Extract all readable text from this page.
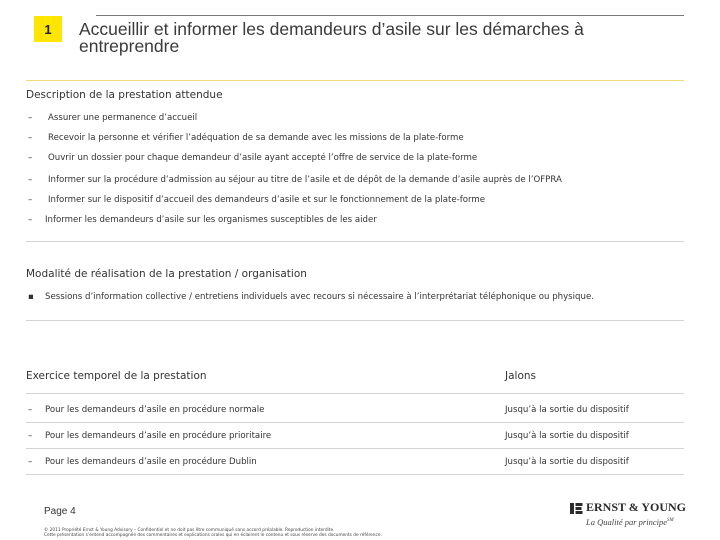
1	Accueillir et informer les demandeurs d’asile sur les démarches à entreprendre
Description de la prestation attendue
– Assurer une permanence d’accueil
– Recevoir la personne et vérifier l’adéquation de sa demande avec les missions de la plate-forme
– Ouvrir un dossier pour chaque demandeur d’asile ayant accepté l’offre de service de la plate-forme
– Informer sur la procédure d’admission au séjour au titre de l’asile et de dépôt de la demande d’asile auprès de l’OFPRA
– Informer sur le dispositif d’accueil des demandeurs d’asile et sur le fonctionnement de la plate-forme
– Informer les demandeurs d’asile sur les organismes susceptibles de les aider
Modalité de réalisation de la prestation / organisation
▪ Sessions d’information collective / entretiens individuels avec recours si nécessaire à l’interprétariat téléphonique ou physique.
Exercice temporel de la prestation	Jalons
– Pour les demandeurs d’asile en procédure normale	Jusqu’à la sortie du dispositif
– Pour les demandeurs d’asile en procédure prioritaire	Jusqu’à la sortie du dispositif
– Pour les demandeurs d’asile en procédure Dublin	Jusqu’à la sortie du dispositif
Page 4
© 2011 Propriété Ernst & Young Advisory – Confidentiel et ne doit pas être communiqué sans accord préalable. Reproduction interdite.
Cette présentation s’entend accompagnée des commentaires et explications orales qui en éclairent le contenu et sous réserve des documents de référence.
ERNST & YOUNG
La Qualité par principe℠
